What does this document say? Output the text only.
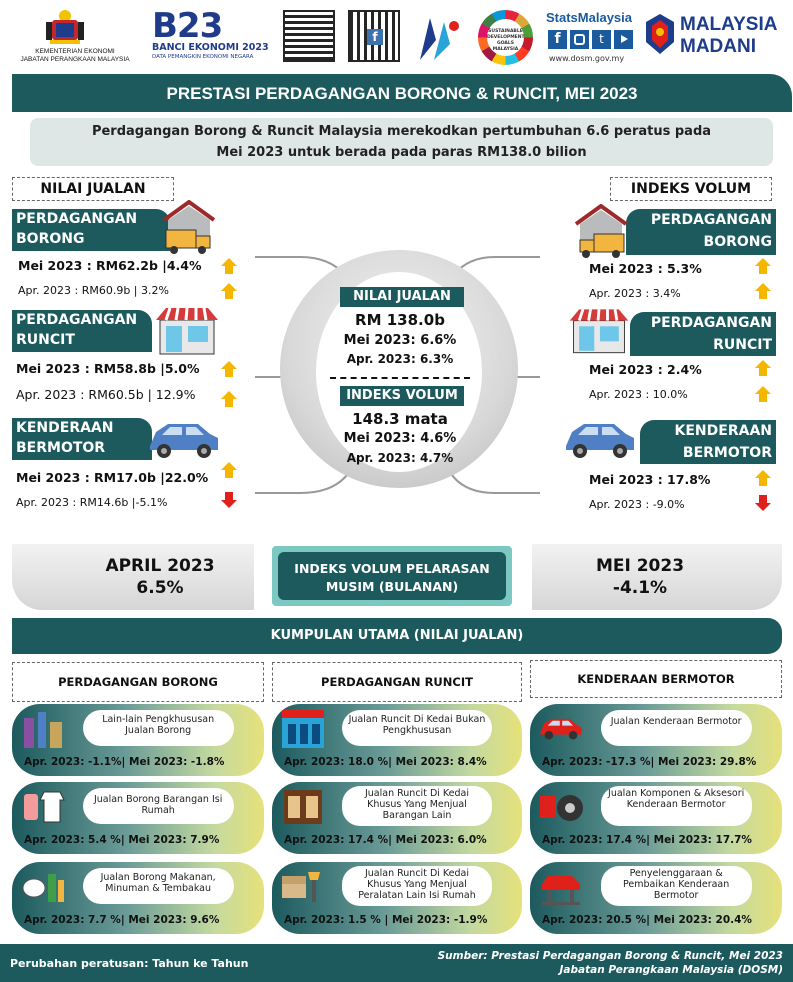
KEMENTERIAN EKONOMI
JABATAN PERANGKAAN MALAYSIA
B23
BANCI EKONOMI 2023
DATA PEMANGKIN EKONOMI NEGARA
f	SUSTAINABLE DEVELOPMENT GOALS MALAYSIA
StatsMalaysia
f	t
www.dosm.gov.my
MALAYSIA
MADANI
PRESTASI PERDAGANGAN BORONG & RUNCIT, MEI 2023
Perdagangan Borong & Runcit Malaysia merekodkan pertumbuhan 6.6 peratus pada
Mei 2023 untuk berada pada paras RM138.0 bilion
NILAI JUALAN
PERDAGANGAN
BORONG
Mei 2023 : RM62.2b |4.4%
Apr. 2023 : RM60.9b | 3.2%
PERDAGANGAN
RUNCIT
Mei 2023 : RM58.8b |5.0%
Apr. 2023 : RM60.5b | 12.9%
KENDERAAN
BERMOTOR
Mei 2023 : RM17.0b |22.0%
Apr. 2023 : RM14.6b |-5.1%
NILAI JUALAN
RM 138.0b
Mei 2023: 6.6%
Apr. 2023: 6.3%
INDEKS VOLUM
148.3 mata
Mei 2023: 4.6%
Apr. 2023: 4.7%
INDEKS VOLUM
PERDAGANGAN
BORONG
Mei 2023 : 5.3%
Apr. 2023 : 3.4%
PERDAGANGAN
RUNCIT
Mei 2023 : 2.4%
Apr. 2023 : 10.0%
KENDERAAN
BERMOTOR
Mei 2023 : 17.8%
Apr. 2023 : -9.0%
APRIL 2023
6.5%
INDEKS VOLUM PELARASAN
MUSIM (BULANAN)
MEI 2023
-4.1%
KUMPULAN UTAMA (NILAI JUALAN)
PERDAGANGAN BORONG	PERDAGANGAN RUNCIT	KENDERAAN BERMOTOR
Lain-lain Pengkhususan Jualan Borong
Apr. 2023: -1.1%| Mei 2023: -1.8%
Jualan Runcit Di Kedai Bukan Pengkhususan
Apr. 2023: 18.0 %| Mei 2023: 8.4%
Jualan Kenderaan Bermotor
Apr. 2023: -17.3 %| Mei 2023: 29.8%
Jualan Borong Barangan Isi Rumah
Apr. 2023: 5.4 %| Mei 2023: 7.9%
Jualan Runcit Di Kedai Khusus Yang Menjual Barangan Lain
Apr. 2023: 17.4 %| Mei 2023: 6.0%
Jualan Komponen & Aksesori Kenderaan Bermotor
Apr. 2023: 17.4 %| Mei 2023: 17.7%
Jualan Borong Makanan, Minuman & Tembakau
Apr. 2023: 7.7 %| Mei 2023: 9.6%
Jualan Runcit Di Kedai Khusus Yang Menjual Peralatan Lain Isi Rumah
Apr. 2023: 1.5 % | Mei 2023: -1.9%
Penyelenggaraan & Pembaikan Kenderaan Bermotor
Apr. 2023: 20.5 %| Mei 2023: 20.4%
Perubahan peratusan: Tahun ke Tahun
Sumber: Prestasi Perdagangan Borong & Runcit, Mei 2023
Jabatan Perangkaan Malaysia (DOSM)
